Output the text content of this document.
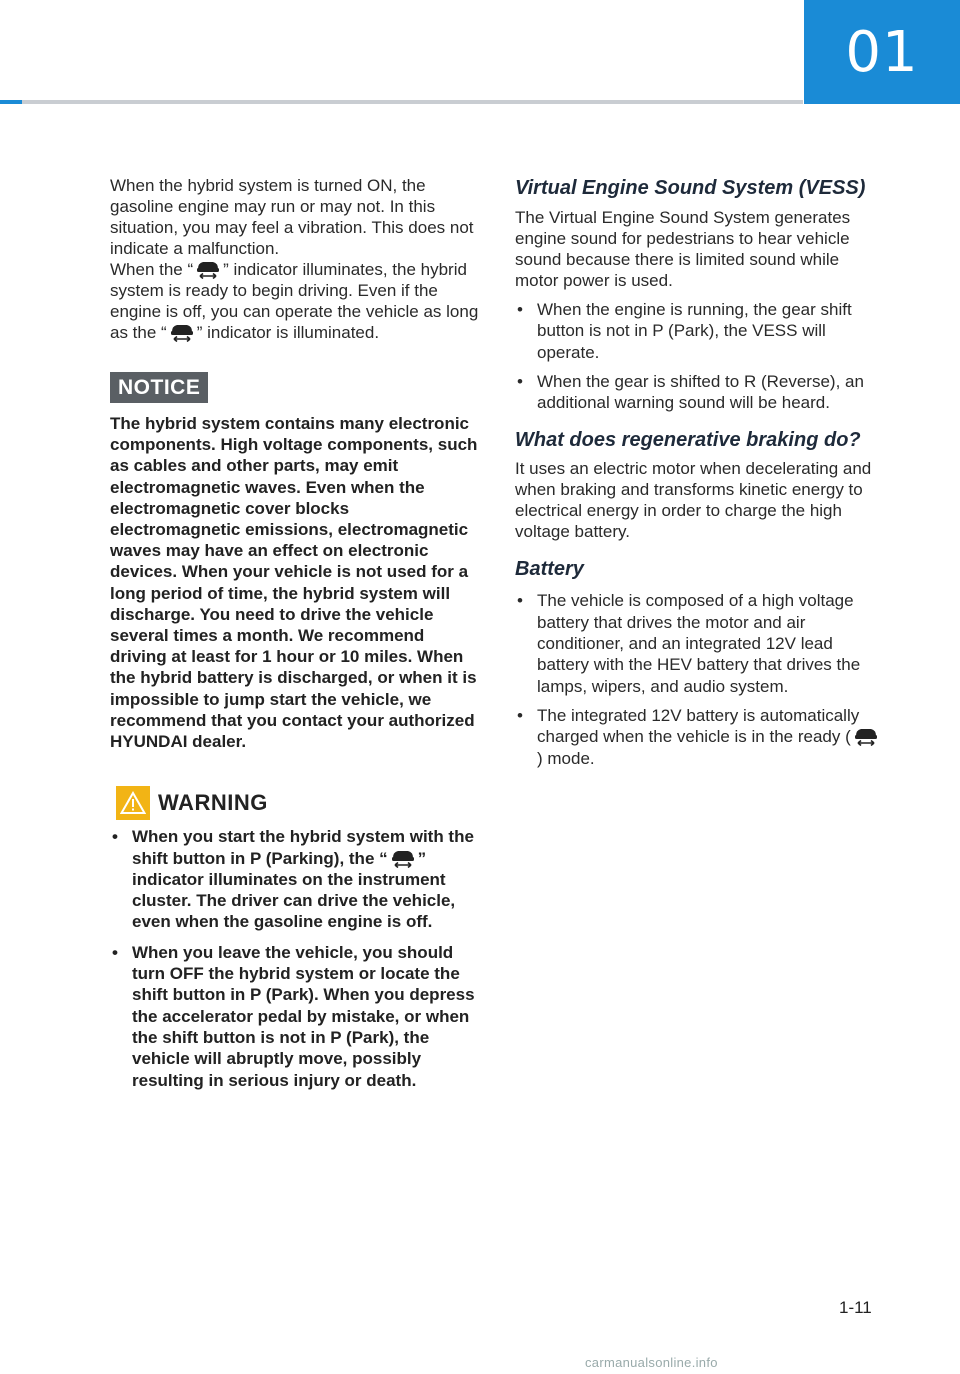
01

When the hybrid system is turned ON, the gasoline engine may run or may not. In this situation, you may feel a vibration. This does not indicate a malfunction.

When the “ ” indicator illuminates, the hybrid system is ready to begin driving. Even if the engine is off, you can operate the vehicle as long as the “ ” indicator is illuminated.

NOTICE

The hybrid system contains many electronic components. High voltage components, such as cables and other parts, may emit electromagnetic waves. Even when the electromagnetic cover blocks electromagnetic emissions, electromagnetic waves may have an effect on electronic devices. When your vehicle is not used for a long period of time, the hybrid system will discharge. You need to drive the vehicle several times a month. We recommend driving at least for 1 hour or 10 miles. When the hybrid battery is discharged, or when it is impossible to jump start the vehicle, we recommend that you contact your authorized HYUNDAI dealer.

WARNING
• When you start the hybrid system with the shift button in P (Parking), the “ ” indicator illuminates on the instrument cluster. The driver can drive the vehicle, even when the gasoline engine is off.
• When you leave the vehicle, you should turn OFF the hybrid system or locate the shift button in P (Park). When you depress the accelerator pedal by mistake, or when the shift button is not in P (Park), the vehicle will abruptly move, possibly resulting in serious injury or death.
Virtual Engine Sound System (VESS)

The Virtual Engine Sound System generates engine sound for pedestrians to hear vehicle sound because there is limited sound while motor power is used.

• When the engine is running, the gear shift button is not in P (Park), the VESS will operate.
• When the gear is shifted to R (Reverse), an additional warning sound will be heard.
What does regenerative braking do?

It uses an electric motor when decelerating and when braking and transforms kinetic energy to electrical energy in order to charge the high voltage battery.

Battery
• The vehicle is composed of a high voltage battery that drives the motor and air conditioner, and an integrated 12V lead battery with the HEV battery that drives the lamps, wipers, and audio system.
• The integrated 12V battery is automatically charged when the vehicle is in the ready () mode.
1-11
carmanualsonline.info
